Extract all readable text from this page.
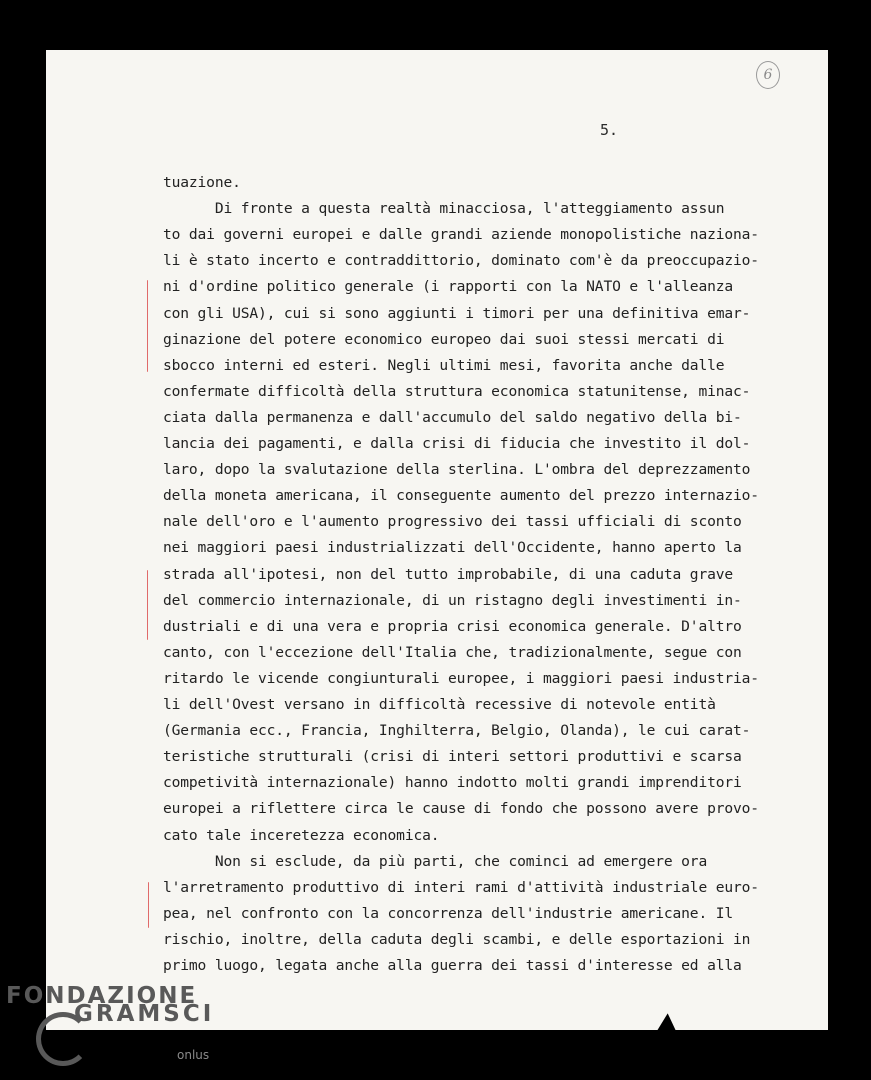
6
5.
tuazione.
Di fronte a questa realtà minacciosa, l'atteggiamento assun
to dai governi europei e dalle grandi aziende monopolistiche naziona-
li è stato incerto e contraddittorio, dominato com'è da preoccupazio-
ni d'ordine politico generale (i rapporti con la NATO e l'alleanza
con gli USA), cui si sono aggiunti i timori per una definitiva emar-
ginazione del potere economico europeo dai suoi stessi mercati di
sbocco interni ed esteri. Negli ultimi mesi, favorita anche dalle
confermate difficoltà della struttura economica statunitense, minac-
ciata dalla permanenza e dall'accumulo del saldo negativo della bi-
lancia dei pagamenti, e dalla crisi di fiducia che investito il dol-
laro, dopo la svalutazione della sterlina. L'ombra del deprezzamento
della moneta americana, il conseguente aumento del prezzo internazio-
nale dell'oro e l'aumento progressivo dei tassi ufficiali di sconto
nei maggiori paesi industrializzati dell'Occidente, hanno aperto la
strada all'ipotesi, non del tutto improbabile, di una caduta grave
del commercio internazionale, di un ristagno degli investimenti in-
dustriali e di una vera e propria crisi economica generale. D'altro
canto, con l'eccezione dell'Italia che, tradizionalmente, segue con
ritardo le vicende congiunturali europee, i maggiori paesi industria-
li dell'Ovest versano in difficoltà recessive di notevole entità
(Germania ecc., Francia, Inghilterra, Belgio, Olanda), le cui carat-
teristiche strutturali (crisi di interi settori produttivi e scarsa
competività internazionale) hanno indotto molti grandi imprenditori
europei a riflettere circa le cause di fondo che possono avere provo-
cato tale inceretezza economica.
Non si esclude, da più parti, che cominci ad emergere ora
l'arretramento produttivo di interi rami d'attività industriale euro-
pea, nel confronto con la concorrenza dell'industrie americane. Il
rischio, inoltre, della caduta degli scambi, e delle esportazioni in
primo luogo, legata anche alla guerra dei tassi d'interesse ed alla
FONDAZIONE
GRAMSCI
onlus
